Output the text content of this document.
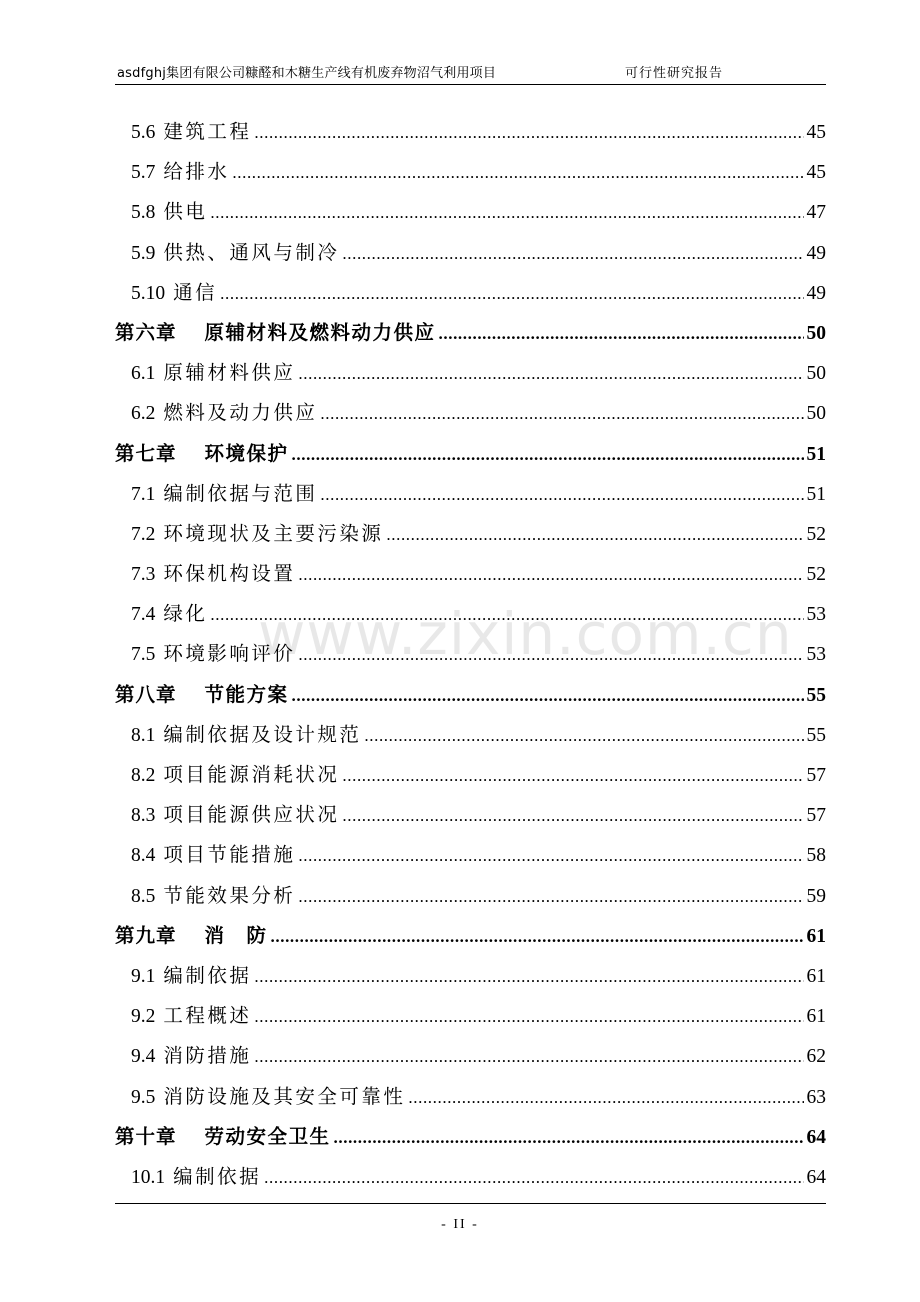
asdfghj集团有限公司糠醛和木糖生产线有机废弃物沼气利用项目	可行性研究报告
5.6 建筑工程 .....	45
5.7 给排水 .....	45
5.8 供电 .....	47
5.9 供热、通风与制冷 .....	49
5.10 通信 .....	49
第六章 原辅材料及燃料动力供应 .....	50
6.1 原辅材料供应 .....	50
6.2 燃料及动力供应 .....	50
第七章 环境保护 .....	51
7.1 编制依据与范围 .....	51
7.2 环境现状及主要污染源 .....	52
7.3 环保机构设置 .....	52
7.4 绿化 .....	53
7.5 环境影响评价 .....	53
第八章 节能方案 .....	55
8.1 编制依据及设计规范 .....	55
8.2 项目能源消耗状况 .....	57
8.3 项目能源供应状况 .....	57
8.4 项目节能措施 .....	58
8.5 节能效果分析 .....	59
第九章 消　防 .....	61
9.1 编制依据 .....	61
9.2 工程概述 .....	61
9.4 消防措施 .....	62
9.5 消防设施及其安全可靠性 .....	63
第十章 劳动安全卫生 .....	64
10.1 编制依据 .....	64
www.zixin.com.cn
- II -
